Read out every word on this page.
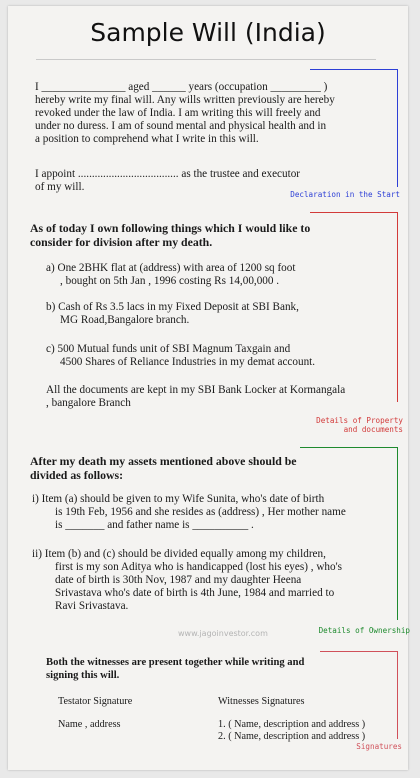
Sample Will (India)
I _______________ aged ______ years (occupation _________ )
hereby write my final will. Any wills written previously are hereby
revoked under the law of India. I am writing this will freely and
under no duress. I am of sound mental and physical health and in
a position to comprehend what I write in this will.
I appoint .................................... as the trustee and executor
of my will.
As of today I own following things which I would like to
consider for division after my death.
a) One 2BHK flat at (address) with area of 1200 sq foot
, bought on 5th Jan , 1996 costing Rs 14,00,000 .
b) Cash of Rs 3.5 lacs in my Fixed Deposit at SBI Bank,
MG Road,Bangalore branch.
c) 500 Mutual funds unit of SBI Magnum Taxgain and
4500 Shares of Reliance Industries in my demat account.
All the documents are kept in my SBI Bank Locker at Kormangala
, bangalore Branch
After my death my assets mentioned above should be
divided as follows:
i) Item (a) should be given to my Wife Sunita, who's date of birth
is 19th Feb, 1956 and she resides as (address) , Her mother name
is _______ and father name is __________ .
ii) Item (b) and (c) should be divided equally among my children,
first is my son Aditya who is handicapped (lost his eyes) , who's
date of birth is 30th Nov, 1987 and my daughter Heena
Srivastava who's date of birth is 4th June, 1984 and married to
Ravi Srivastava.
www.jagoinvestor.com
Both the witnesses are present together while writing and
signing this will.
Testator Signature	Witnesses Signatures
Name , address	1. ( Name, description and address )
2. ( Name, description and address )
Declaration in the Start
Details of Property
and documents
Details of Ownership
Signatures
